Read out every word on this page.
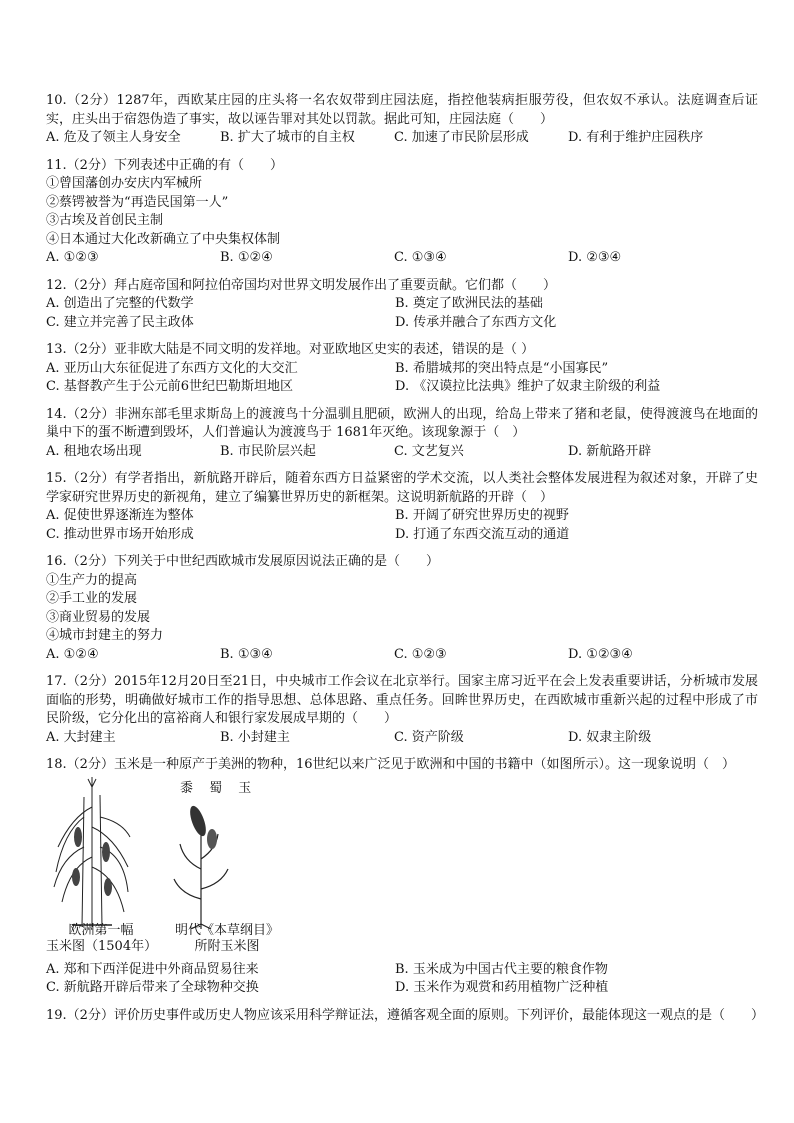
10.（2分）1287年，西欧某庄园的庄头将一名农奴带到庄园法庭，指控他装病拒服劳役，但农奴不承认。法庭调查后证实，庄头出于宿怨伪造了事实，故以诬告罪对其处以罚款。据此可知，庄园法庭（　　）
A. 危及了领主人身安全	B. 扩大了城市的自主权	C. 加速了市民阶层形成	D. 有利于维护庄园秩序
11.（2分）下列表述中正确的有（　　）
①曾国藩创办安庆内军械所
②蔡锷被誉为“再造民国第一人”
③古埃及首创民主制
④日本通过大化改新确立了中央集权体制
A. ①②③	B. ①②④	C. ①③④	D. ②③④
12.（2分）拜占庭帝国和阿拉伯帝国均对世界文明发展作出了重要贡献。它们都（　　）
A. 创造出了完整的代数学	B. 奠定了欧洲民法的基础
C. 建立并完善了民主政体	D. 传承并融合了东西方文化
13.（2分）亚非欧大陆是不同文明的发祥地。对亚欧地区史实的表述，错误的是（ ）
A. 亚历山大东征促进了东西方文化的大交汇	B. 希腊城邦的突出特点是“小国寡民”
C. 基督教产生于公元前6世纪巴勒斯坦地区	D. 《汉谟拉比法典》维护了奴隶主阶级的利益
14.（2分）非洲东部毛里求斯岛上的渡渡鸟十分温驯且肥硕，欧洲人的出现，给岛上带来了猪和老鼠，使得渡渡鸟在地面的巢中下的蛋不断遭到毁坏，人们普遍认为渡渡鸟于 1681年灭绝。该现象源于（　）
A. 租地农场出现	B. 市民阶层兴起	C. 文艺复兴	D. 新航路开辟
15.（2分）有学者指出，新航路开辟后，随着东西方日益紧密的学术交流，以人类社会整体发展进程为叙述对象，开辟了史学家研究世界历史的新视角，建立了编纂世界历史的新框架。这说明新航路的开辟（　）
A. 促使世界逐渐连为整体	B. 开阔了研究世界历史的视野
C. 推动世界市场开始形成	D. 打通了东西交流互动的通道
16.（2分）下列关于中世纪西欧城市发展原因说法正确的是（　　）
①生产力的提高
②手工业的发展
③商业贸易的发展
④城市封建主的努力
A. ①②④	B. ①③④	C. ①②③	D. ①②③④
17.（2分）2015年12月20日至21日，中央城市工作会议在北京举行。国家主席习近平在会上发表重要讲话，分析城市发展面临的形势，明确做好城市工作的指导思想、总体思路、重点任务。回眸世界历史，在西欧城市重新兴起的过程中形成了市民阶级，它分化出的富裕商人和银行家发展成早期的（　　）
A. 大封建主	B. 小封建主	C. 资产阶级	D. 奴隶主阶级
18.（2分）玉米是一种原产于美洲的物种，16世纪以来广泛见于欧洲和中国的书籍中（如图所示）。这一现象说明（　）
黍 蜀 玉
欧洲第一幅
玉米图（1504年）
明代《本草纲目》
所附玉米图
A. 郑和下西洋促进中外商品贸易往来	B. 玉米成为中国古代主要的粮食作物
C. 新航路开辟后带来了全球物种交换	D. 玉米作为观赏和药用植物广泛种植
19.（2分）评价历史事件或历史人物应该采用科学辩证法，遵循客观全面的原则。下列评价，最能体现这一观点的是（　　）
